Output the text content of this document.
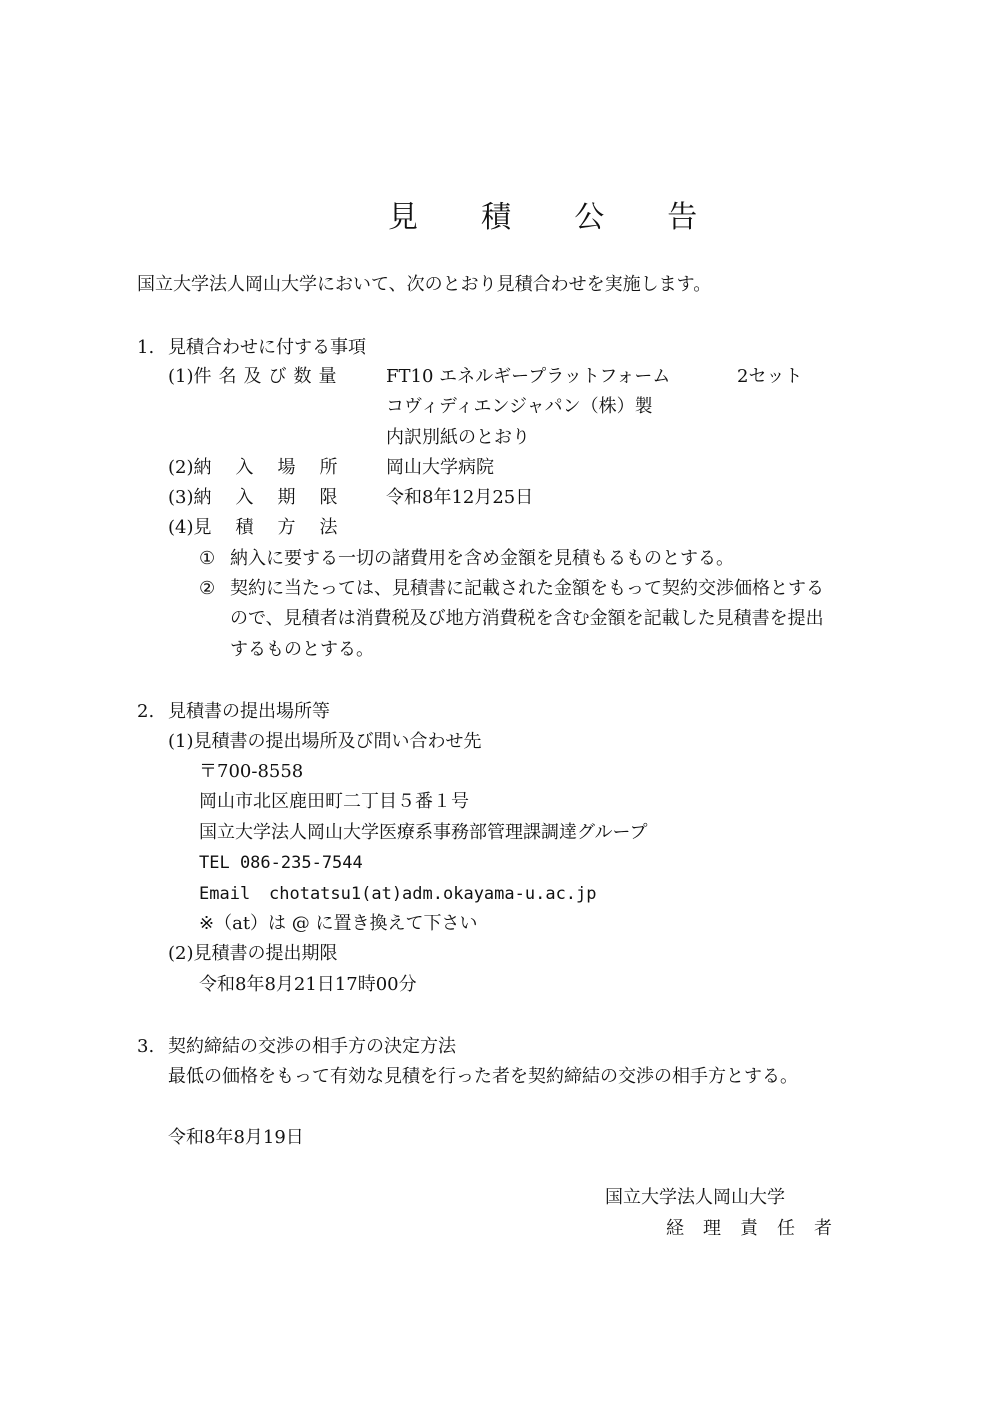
見 積 公 告
国立大学法人岡山大学において、次のとおり見積合わせを実施します。
1. 見積合わせに付する事項
(1)件 名 及 び 数 量	FT10 エネルギープラットフォーム	2セット
コヴィディエンジャパン（株）製
内訳別紙のとおり
(2)納 入 場 所	岡山大学病院
(3)納 入 期 限	令和8年12月25日
(4)見 積 方 法
① 納入に要する一切の諸費用を含め金額を見積もるものとする。
② 契約に当たっては、見積書に記載された金額をもって契約交渉価格とする
ので、見積者は消費税及び地方消費税を含む金額を記載した見積書を提出
するものとする。
2. 見積書の提出場所等
(1)見積書の提出場所及び問い合わせ先
〒700-8558
岡山市北区鹿田町二丁目５番１号
国立大学法人岡山大学医療系事務部管理課調達グループ
TEL 086-235-7544
Email chotatsu1(at)adm.okayama-u.ac.jp
※（at）は @ に置き換えて下さい
(2)見積書の提出期限
令和8年8月21日17時00分
3. 契約締結の交渉の相手方の決定方法
最低の価格をもって有効な見積を行った者を契約締結の交渉の相手方とする。
令和8年8月19日
国立大学法人岡山大学
経 理 責 任 者
